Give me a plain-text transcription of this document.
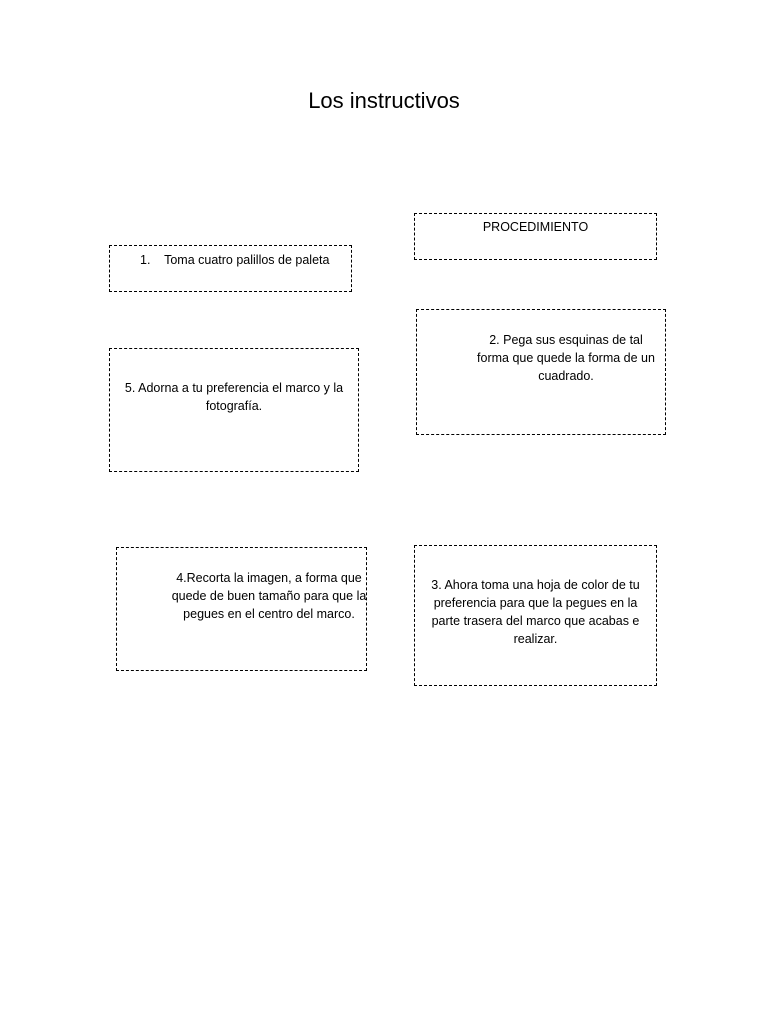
Los instructivos
PROCEDIMIENTO
1.    Toma cuatro palillos de paleta
2. Pega sus esquinas de tal forma que quede la forma de un cuadrado.
5. Adorna a tu preferencia el marco y la fotografía.
4.Recorta la imagen, a forma que quede de buen tamaño para que la pegues en el centro del marco.
3. Ahora toma una hoja de color de tu preferencia para que la pegues en la parte trasera del marco que acabas e realizar.
